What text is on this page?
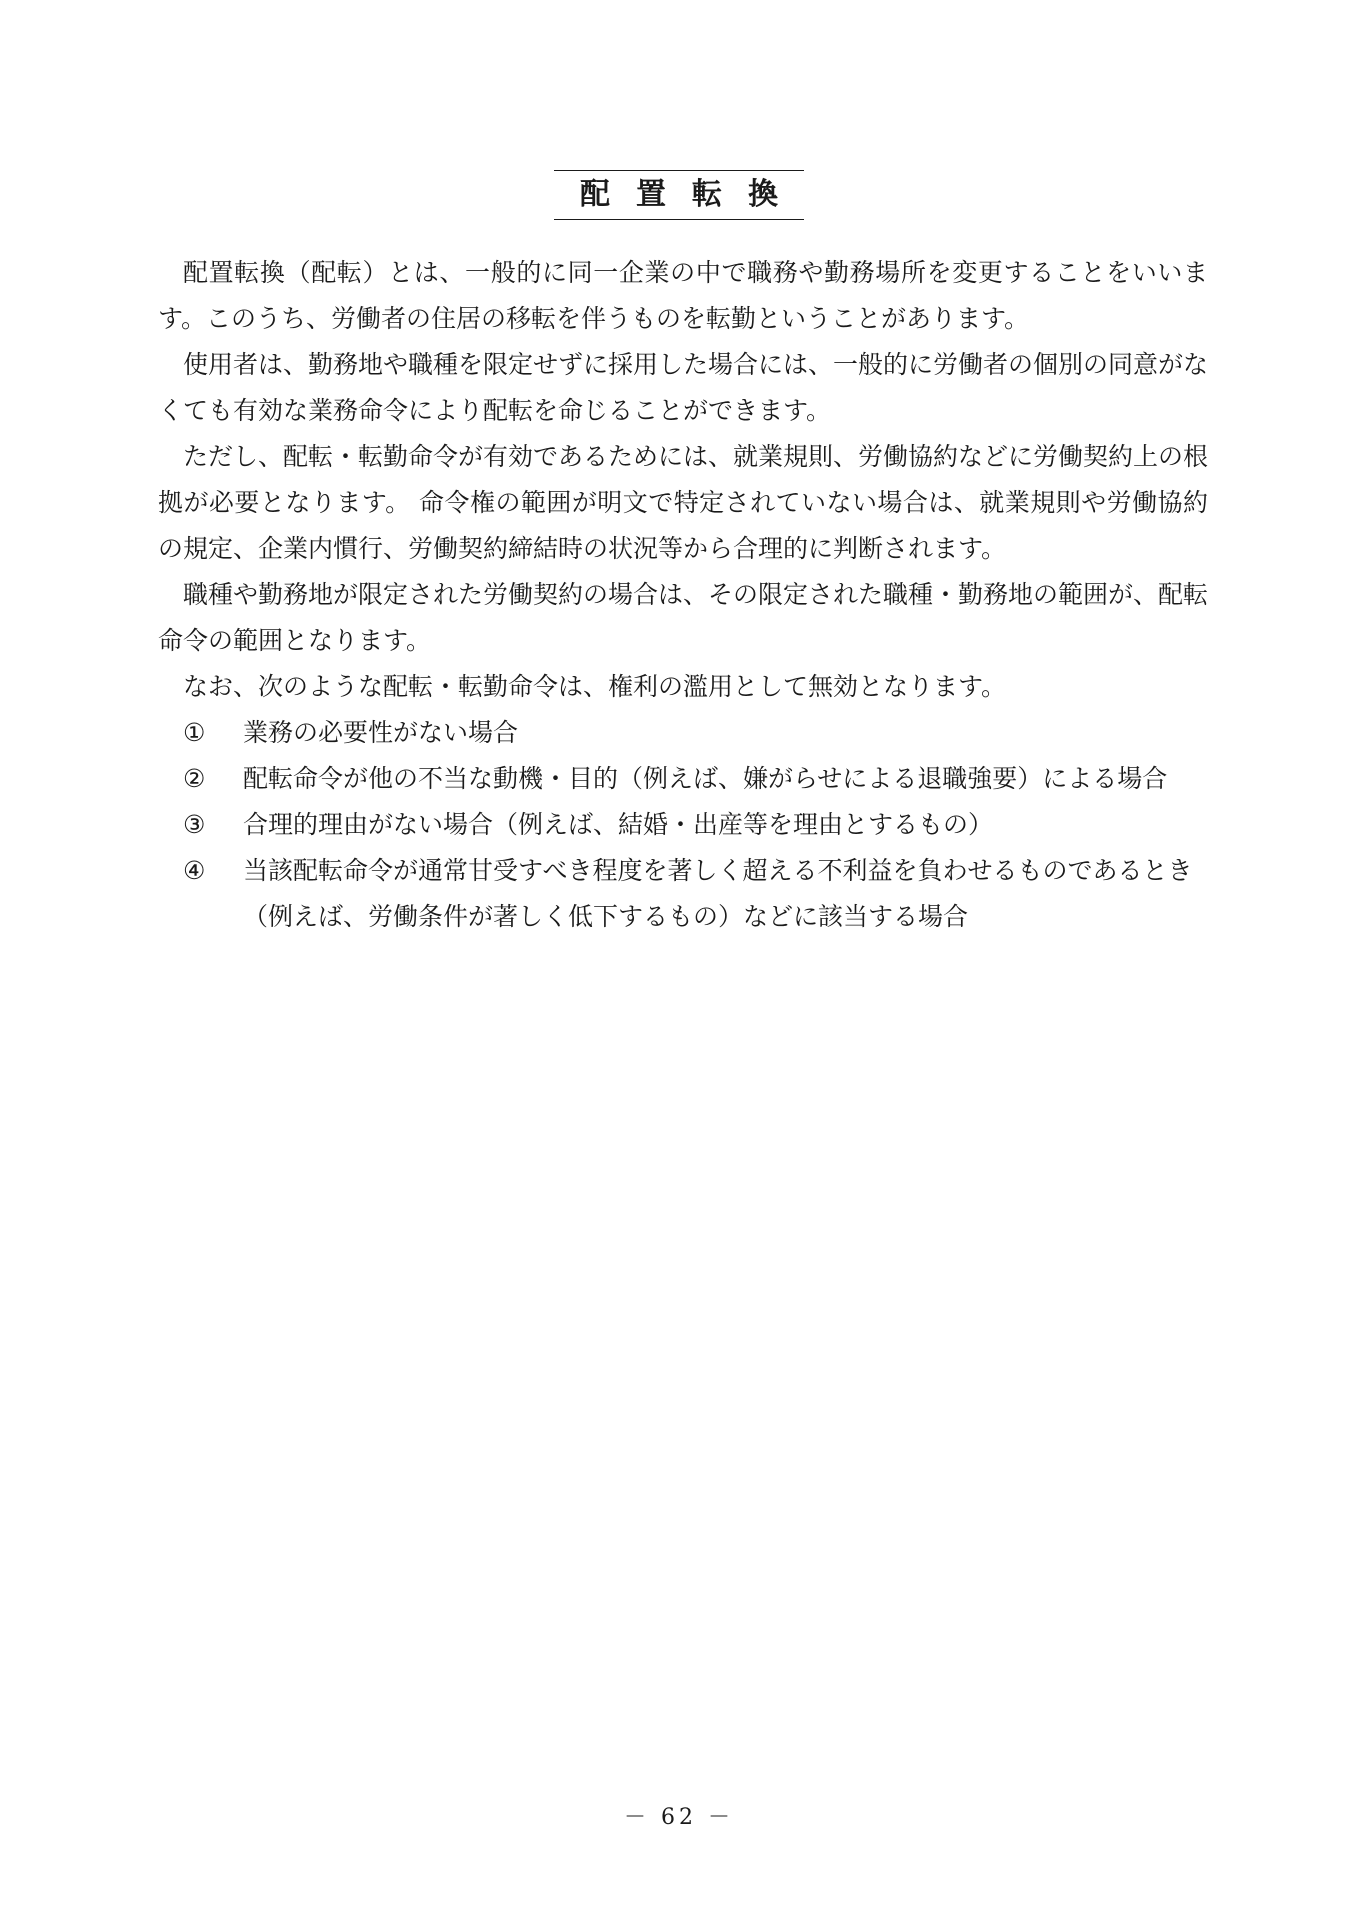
配置転換

配置転換（配転）とは、一般的に同一企業の中で職務や勤務場所を変更することをいいます。このうち、労働者の住居の移転を伴うものを転勤ということがあります。

使用者は、勤務地や職種を限定せずに採用した場合には、一般的に労働者の個別の同意がなくても有効な業務命令により配転を命じることができます。

ただし、配転・転勤命令が有効であるためには、就業規則、労働協約などに労働契約上の根拠が必要となります。 命令権の範囲が明文で特定されていない場合は、就業規則や労働協約の規定、企業内慣行、労働契約締結時の状況等から合理的に判断されます。

職種や勤務地が限定された労働契約の場合は、その限定された職種・勤務地の範囲が、配転命令の範囲となります。

なお、次のような配転・転勤命令は、権利の濫用として無効となります。

①	業務の必要性がない場合
②	配転命令が他の不当な動機・目的（例えば、嫌がらせによる退職強要）による場合
③	合理的理由がない場合（例えば、結婚・出産等を理由とするもの）
④	当該配転命令が通常甘受すべき程度を著しく超える不利益を負わせるものであるとき（例えば、労働条件が著しく低下するもの）などに該当する場合
－ 62 －
